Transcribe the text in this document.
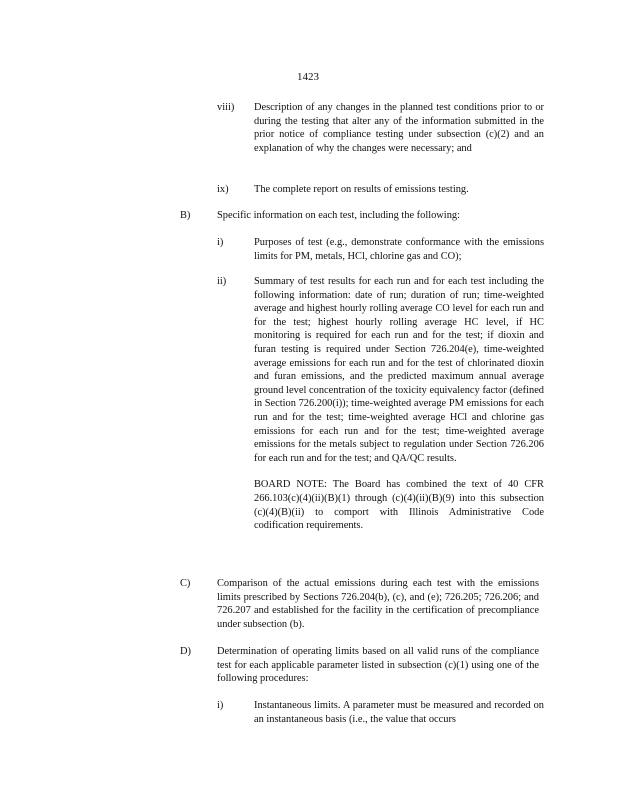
1423
viii) Description of any changes in the planned test conditions prior to or during the testing that alter any of the information submitted in the prior notice of compliance testing under subsection (c)(2) and an explanation of why the changes were necessary; and

ix) The complete report on results of emissions testing.

B)	Specific information on each test, including the following:

i)	Purposes of test (e.g., demonstrate conformance with the emissions limits for PM, metals, HCl, chlorine gas and CO);

ii)	Summary of test results for each run and for each test including the following information: date of run; duration of run; time-weighted average and highest hourly rolling average CO level for each run and for the test; highest hourly rolling average HC level, if HC monitoring is required for each run and for the test; if dioxin and furan testing is required under Section 726.204(e), time-weighted average emissions for each run and for the test of chlorinated dioxin and furan emissions, and the predicted maximum annual average ground level concentration of the toxicity equivalency factor (defined in Section 726.200(i)); time-weighted average PM emissions for each run and for the test; time-weighted average HCl and chlorine gas emissions for each run and for the test; time-weighted average emissions for the metals subject to regulation under Section 726.206 for each run and for the test; and QA/QC results.

BOARD NOTE: The Board has combined the text of 40 CFR 266.103(c)(4)(ii)(B)(1) through (c)(4)(ii)(B)(9) into this subsection (c)(4)(B)(ii) to comport with Illinois Administrative Code codification requirements.

C)	Comparison of the actual emissions during each test with the emissions limits prescribed by Sections 726.204(b), (c), and (e); 726.205; 726.206; and 726.207 and established for the facility in the certification of precompliance under subsection (b).

D)	Determination of operating limits based on all valid runs of the compliance test for each applicable parameter listed in subsection (c)(1) using one of the following procedures:

i)	Instantaneous limits. A parameter must be measured and recorded on an instantaneous basis (i.e., the value that occurs
